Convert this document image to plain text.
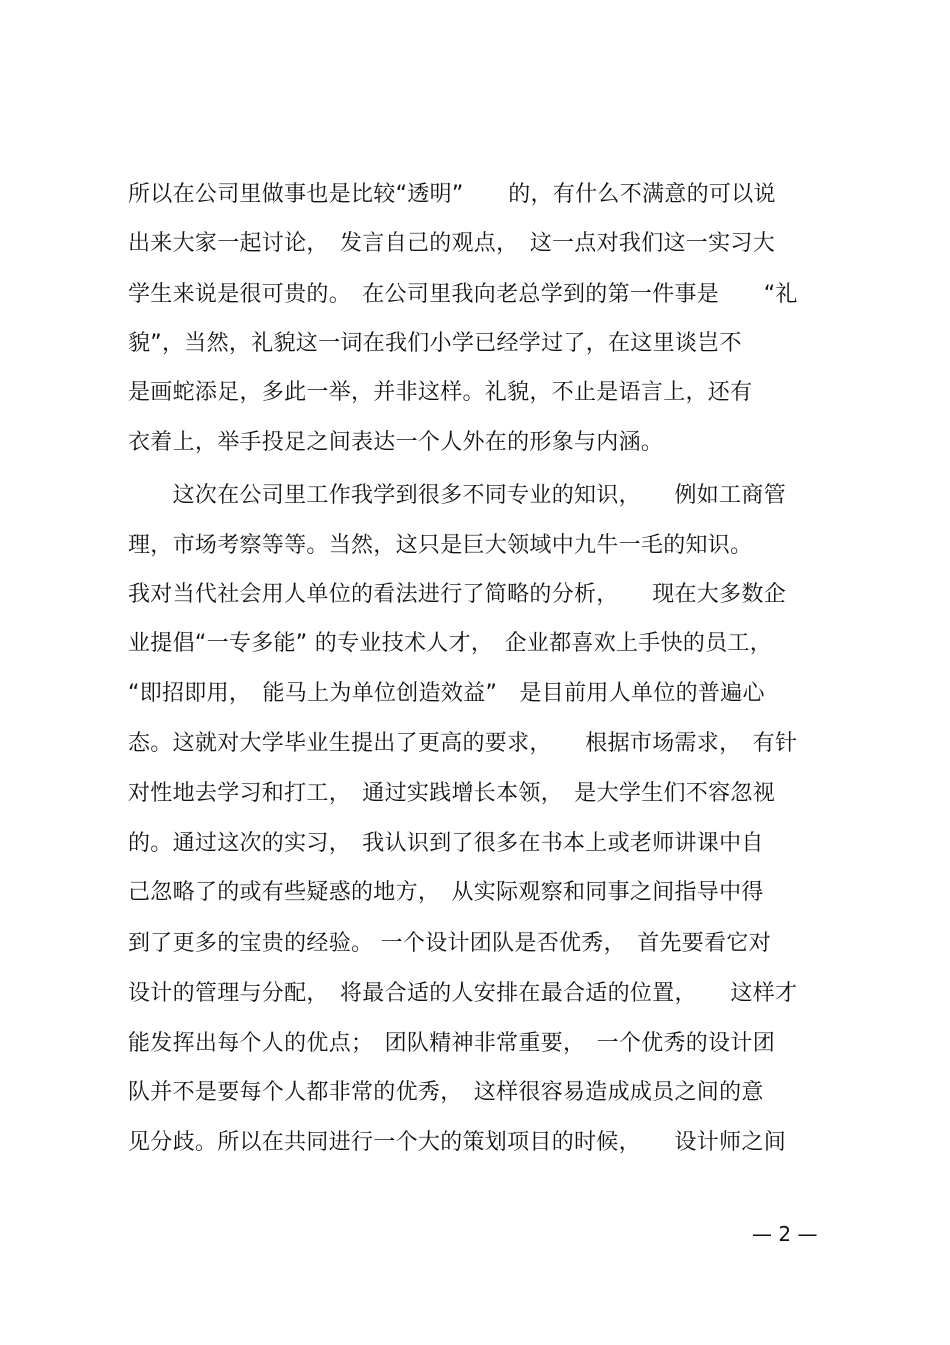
所以在公司里做事也是比较“透明”　　的，有什么不满意的可以说
出来大家一起讨论，　发言自己的观点，　这一点对我们这一实习大
学生来说是很可贵的。　在公司里我向老总学到的第一件事是　　“礼
貌”，当然，礼貌这一词在我们小学已经学过了，在这里谈岂不
是画蛇添足，多此一举，并非这样。礼貌，不止是语言上，还有
衣着上，举手投足之间表达一个人外在的形象与内涵。
　　这次在公司里工作我学到很多不同专业的知识，　　例如工商管
理，市场考察等等。当然，这只是巨大领域中九牛一毛的知识。
我对当代社会用人单位的看法进行了简略的分析，　　现在大多数企
业提倡“一专多能” 的专业技术人才，　企业都喜欢上手快的员工，
“即招即用，　能马上为单位创造效益”　是目前用人单位的普遍心
态。这就对大学毕业生提出了更高的要求，　　根据市场需求，　有针
对性地去学习和打工，　通过实践增长本领，　是大学生们不容忽视
的。通过这次的实习，　我认识到了很多在书本上或老师讲课中自
己忽略了的或有些疑惑的地方，　从实际观察和同事之间指导中得
到了更多的宝贵的经验。 一个设计团队是否优秀，　首先要看它对
设计的管理与分配，　将最合适的人安排在最合适的位置，　　这样才
能发挥出每个人的优点；　团队精神非常重要，　一个优秀的设计团
队并不是要每个人都非常的优秀，　这样很容易造成成员之间的意
见分歧。所以在共同进行一个大的策划项目的时候，　　设计师之间
— 2 —
